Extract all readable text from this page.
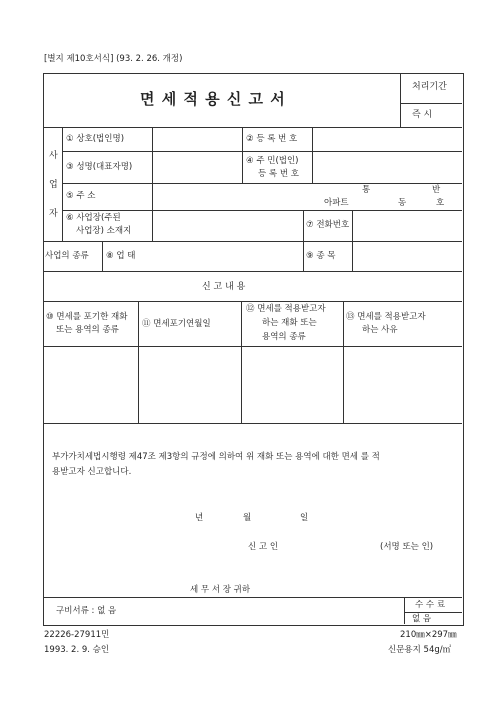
[별지 제10호서식] (93. 2. 26. 개정)
면 세 적 용 신 고 서
처리기간
즉 시
사
업
자
① 상호(법인명)	② 등 록 번 호
③ 성명(대표자명)
④ 주 민(법인)
등 록 번 호
⑤ 주 소
통	반
아파트	동	호
⑥ 사업장(주된
사업장) 소재지
⑦ 전화번호
사업의 종류 ⑧ 업 태	⑨ 종 목
신 고 내 용
⑩ 면세를 포기한 재화
또는 용역의 종류
⑪ 면세포기연월일
⑫ 면세를 적용받고자
하는 재화 또는
용역의 종류
⑬ 면세를 적용받고자
하는 사유
부가가치세법시행령 제47조 제3항의 규정에 의하여 위 재화 또는 용역에 대한 면세 를 적
용받고자 신고합니다.
년	월	일
신 고 인	(서명 또는 인)
세 무 서 장 귀하
구비서류 : 없 음
수 수 료
없 음
22226-27911민	210㎜×297㎜
1993. 2. 9. 승인	신문용지 54g/㎡
